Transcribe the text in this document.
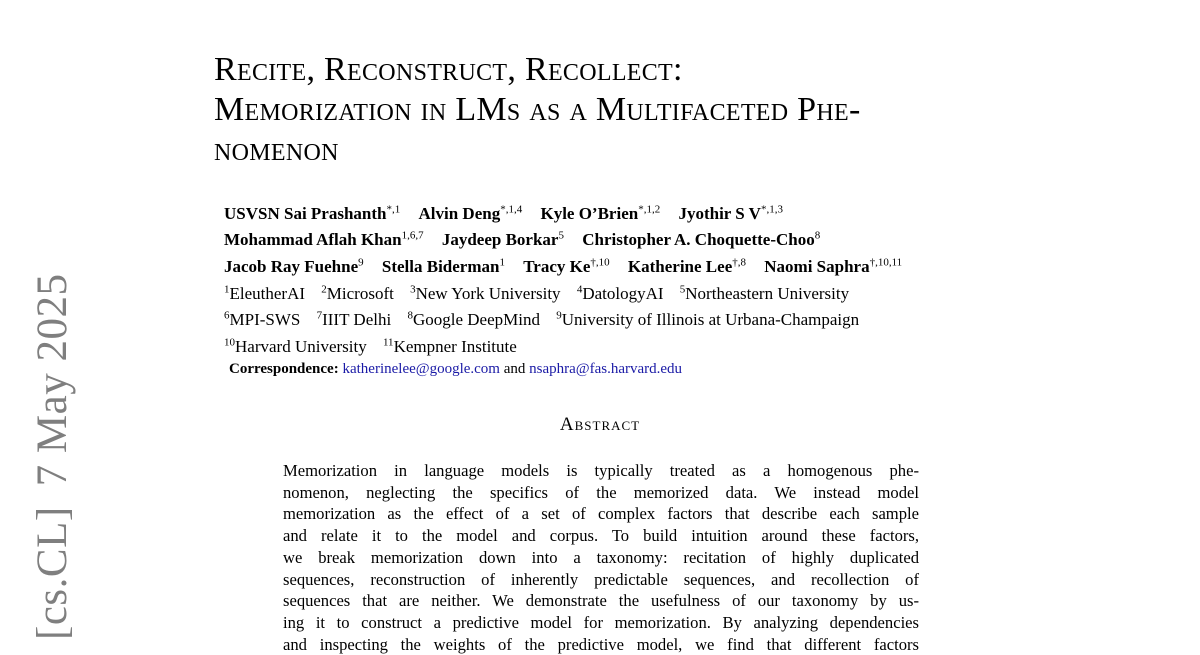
[cs.CL]7 May 2025
Recite, Reconstruct, Recollect:
Memorization in LMs as a Multifaceted Phe-
nomenon
USVSN Sai Prashanth$^{*,1}$ Alvin Deng$^{*,1,4}$ Kyle O’Brien$^{*,1,2}$ Jyothir S $V^{*,1,3}$
Mohammad Aflah Khan$^{1,6,7}$ Jaydeep Borkar$^5$ Christopher A. Choquette-Choo$^8$
Jacob Ray Fuehne$^9$ Stella Biderman$^1$ Tracy $Ke^{\dagger,10}$ Katherine Lee$^{\dagger,8}$ Naomi Saphra$^{\dagger,10,11}$
$^1$EleutherAI $^2$Microsoft $^3$New York University $^4$DatologyAI $^5$Northeastern University
$^6$MPI-SWS $^7$IIIT Delhi $^8$Google DeepMind $^9$University of Illinois at Urbana-Champaign
$^{10}$Harvard University $^{11}$Kempner Institute
Correspondence: katherinelee@google.com and nsaphra@fas.harvard.edu
Abstract
Memorization in language models is typically treated as a homogenous phe-
nomenon, neglecting the specifics of the memorized data. We instead model
memorization as the effect of a set of complex factors that describe each sample
and relate it to the model and corpus. To build intuition around these factors,
we break memorization down into a taxonomy: recitation of highly duplicated
sequences, reconstruction of inherently predictable sequences, and recollection of
sequences that are neither. We demonstrate the usefulness of our taxonomy by us-
ing it to construct a predictive model for memorization. By analyzing dependencies
and inspecting the weights of the predictive model, we find that different factors
